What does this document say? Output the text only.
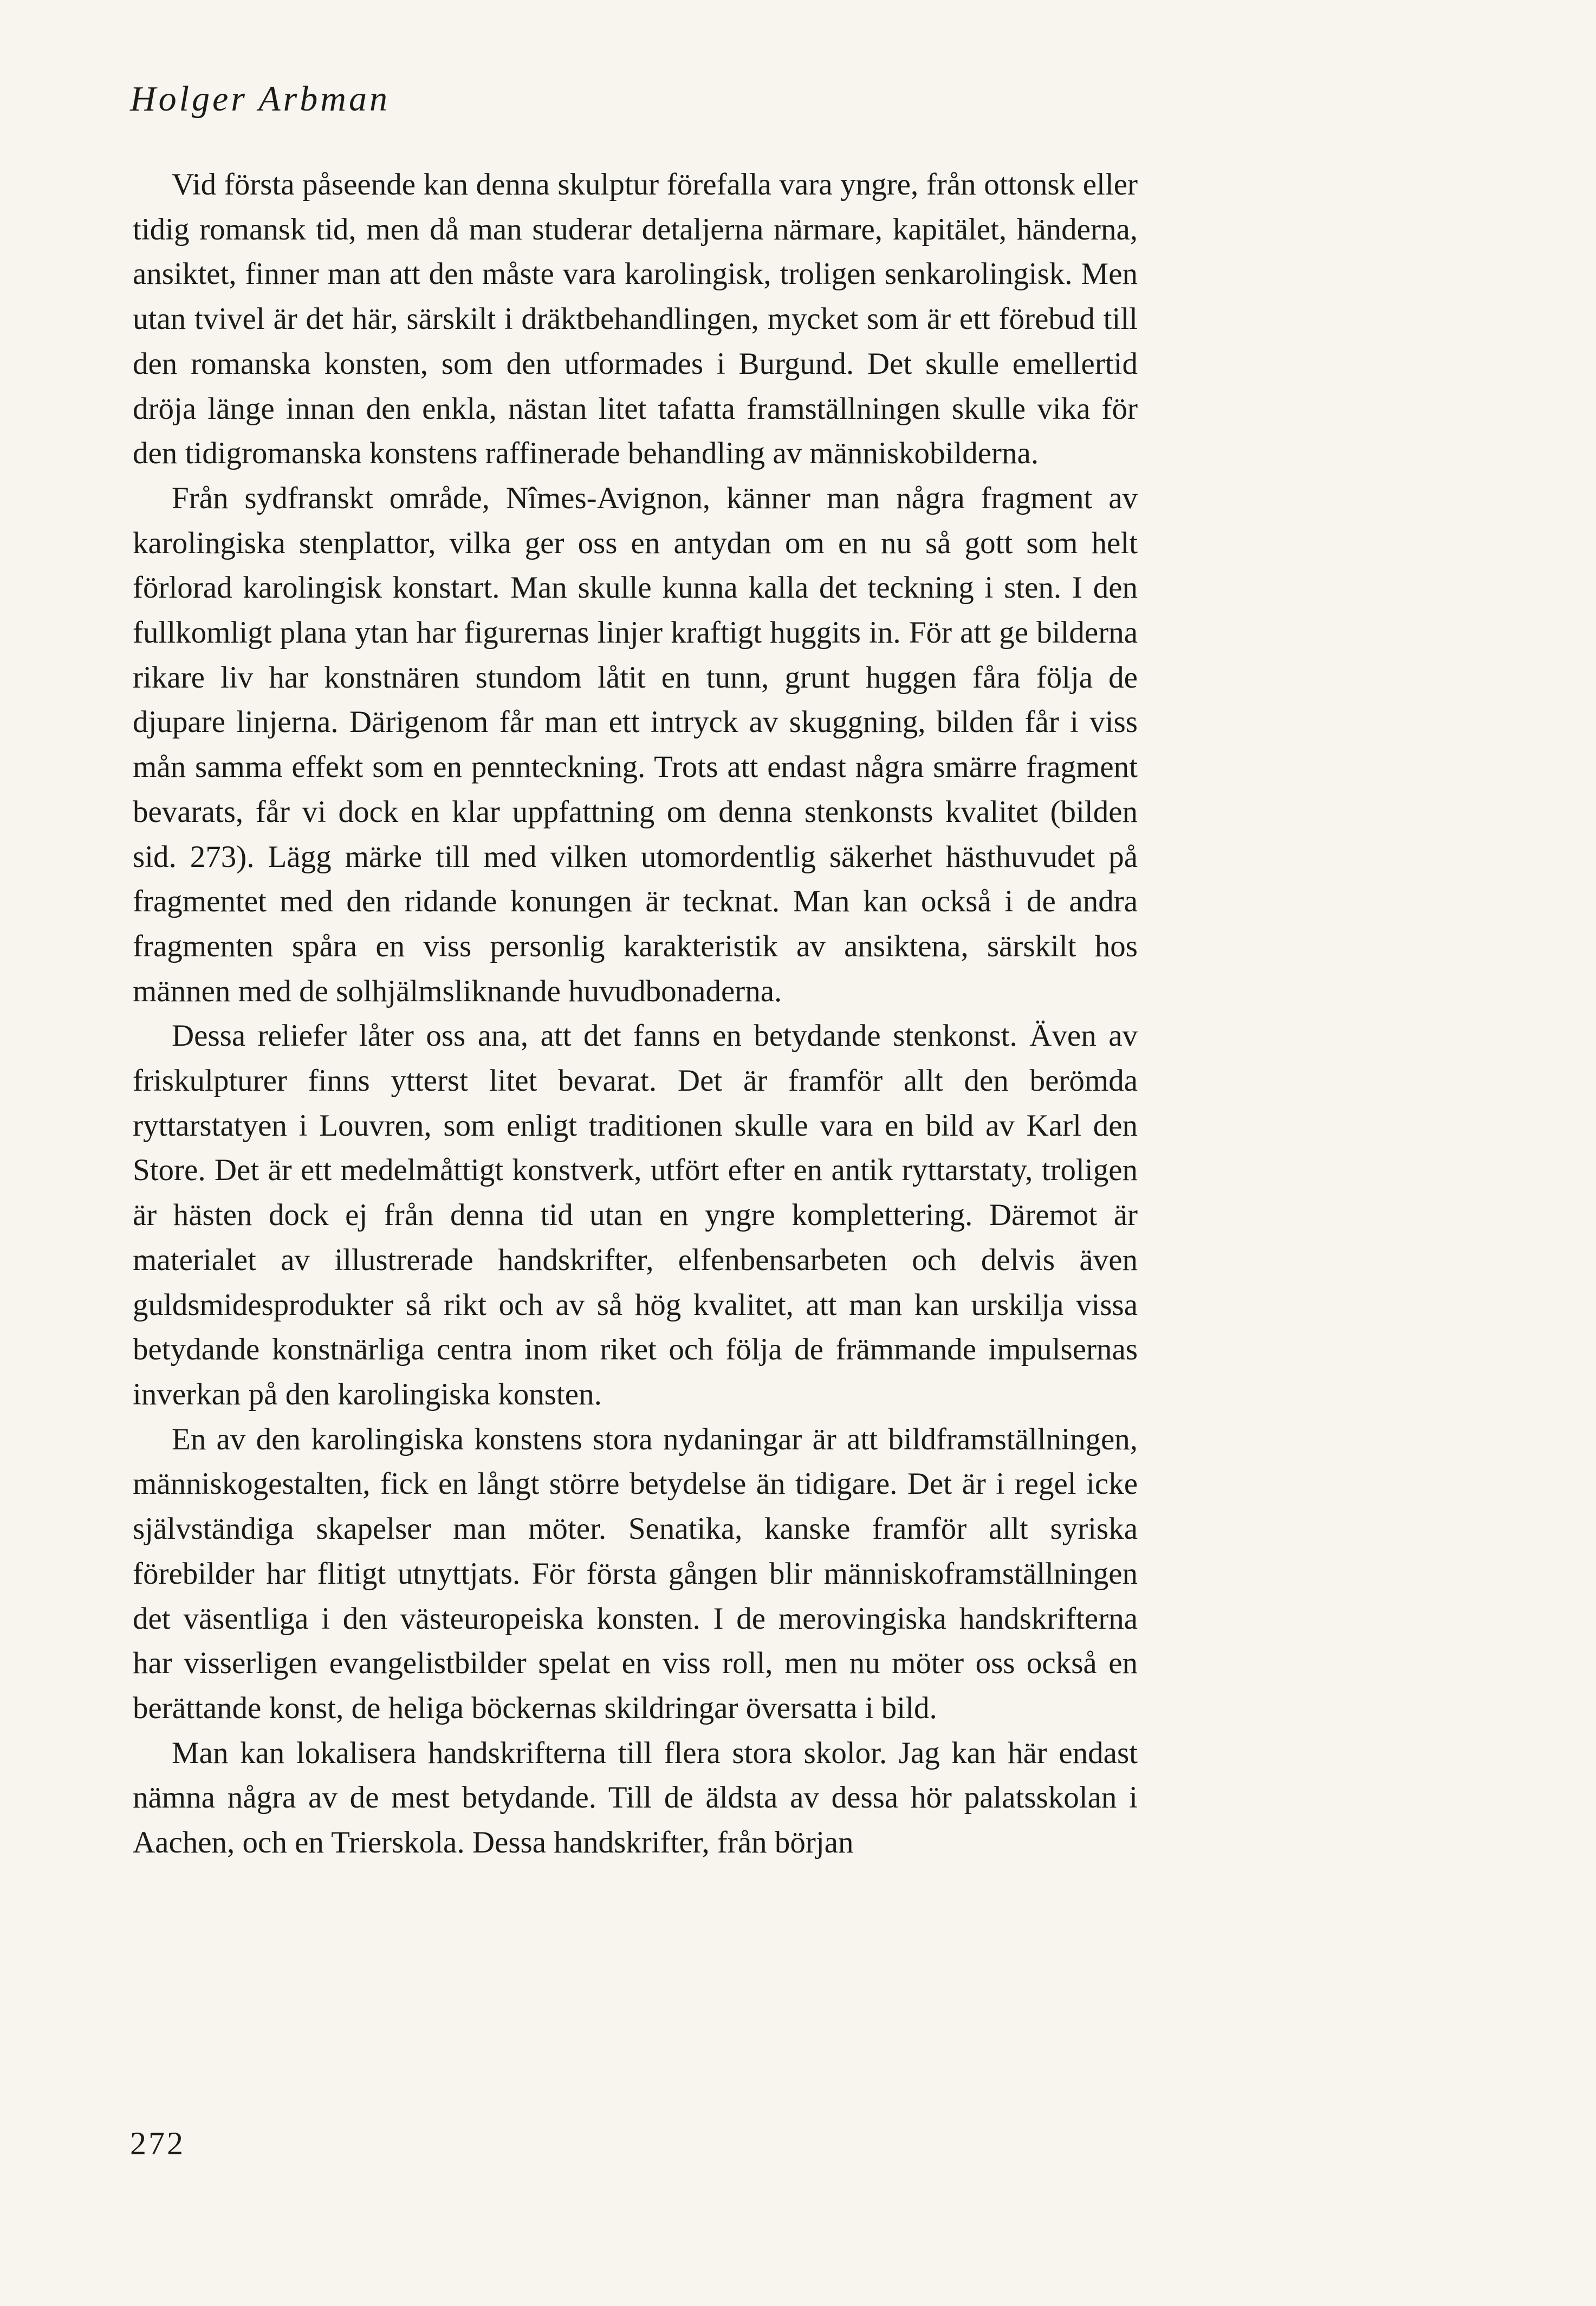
Holger Arbman

Vid första påseende kan denna skulptur förefalla vara yngre, från ottonsk eller tidig romansk tid, men då man studerar detaljerna närmare, kapitälet, händerna, ansiktet, finner man att den måste vara karolingisk, troligen senkarolingisk. Men utan tvivel är det här, särskilt i dräktbehandlingen, mycket som är ett förebud till den romanska konsten, som den utformades i Burgund. Det skulle emellertid dröja länge innan den enkla, nästan litet tafatta framställningen skulle vika för den tidigromanska konstens raffinerade behandling av människobilderna.

Från sydfranskt område, Nîmes-Avignon, känner man några fragment av karolingiska stenplattor, vilka ger oss en antydan om en nu så gott som helt förlorad karolingisk konstart. Man skulle kunna kalla det teckning i sten. I den fullkomligt plana ytan har figurernas linjer kraftigt huggits in. För att ge bilderna rikare liv har konstnären stundom låtit en tunn, grunt huggen fåra följa de djupare linjerna. Därigenom får man ett intryck av skuggning, bilden får i viss mån samma effekt som en pennteckning. Trots att endast några smärre fragment bevarats, får vi dock en klar uppfattning om denna stenkonsts kvalitet (bilden sid. 273). Lägg märke till med vilken utomordentlig säkerhet hästhuvudet på fragmentet med den ridande konungen är tecknat. Man kan också i de andra fragmenten spåra en viss personlig karakteristik av ansiktena, särskilt hos männen med de solhjälmsliknande huvudbonaderna.

Dessa reliefer låter oss ana, att det fanns en betydande stenkonst. Även av friskulpturer finns ytterst litet bevarat. Det är framför allt den berömda ryttarstatyen i Louvren, som enligt traditionen skulle vara en bild av Karl den Store. Det är ett medelmåttigt konstverk, utfört efter en antik ryttarstaty, troligen är hästen dock ej från denna tid utan en yngre komplettering. Däremot är materialet av illustrerade handskrifter, elfenbensarbeten och delvis även guldsmidesprodukter så rikt och av så hög kvalitet, att man kan urskilja vissa betydande konstnärliga centra inom riket och följa de främmande impulsernas inverkan på den karolingiska konsten.

En av den karolingiska konstens stora nydaningar är att bildframställningen, människogestalten, fick en långt större betydelse än tidigare. Det är i regel icke självständiga skapelser man möter. Senatika, kanske framför allt syriska förebilder har flitigt utnyttjats. För första gången blir människoframställningen det väsentliga i den västeuropeiska konsten. I de merovingiska handskrifterna har visserligen evangelistbilder spelat en viss roll, men nu möter oss också en berättande konst, de heliga böckernas skildringar översatta i bild.

Man kan lokalisera handskrifterna till flera stora skolor. Jag kan här endast nämna några av de mest betydande. Till de äldsta av dessa hör palatsskolan i Aachen, och en Trierskola. Dessa handskrifter, från början

272
